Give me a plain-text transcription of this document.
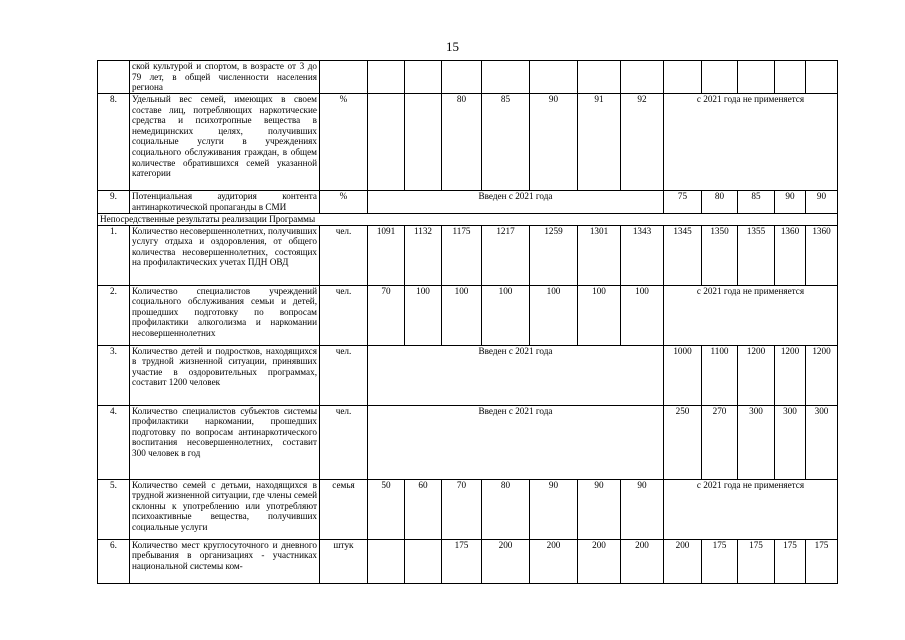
15
	ской культурой и спортом, в возрасте от 3 до 79 лет, в общей численности населения региона													
8.	Удельный вес семей, имеющих в своем составе лиц, потребляющих наркотические средства и психотропные вещества в немедицинских целях, получивших социальные услуги в учреждениях социального обслуживания граждан, в общем количестве обратившихся семей указанной категории	%			80	85	90	91	92	с 2021 года не применяется				
9.	Потенциальная аудитория контента антинаркотической пропаганды в СМИ	%	Введен с 2021 года							75	80	85	90	90
Непосредственные результаты реализации Программы														
1.	Количество несовершеннолетних, получивших услугу отдыха и оздоровления, от общего количества несовершеннолетних, состоящих на профилактических учетах ПДН ОВД	чел.	1091	1132	1175	1217	1259	1301	1343	1345	1350	1355	1360	1360
2.	Количество специалистов учреждений социального обслуживания семьи и детей, прошедших подготовку по вопросам профилактики алкоголизма и наркомании несовершеннолетних	чел.	70	100	100	100	100	100	100	с 2021 года не применяется				
3.	Количество детей и подростков, находящихся в трудной жизненной ситуации, принявших участие в оздоровительных программах, составит 1200 человек	чел.	Введен с 2021 года							1000	1100	1200	1200	1200
4.	Количество специалистов субъектов системы профилактики наркомании, прошедших подготовку по вопросам антинаркотического воспитания несовершеннолетних, составит 300 человек в год	чел.	Введен с 2021 года							250	270	300	300	300
5.	Количество семей с детьми, находящихся в трудной жизненной ситуации, где члены семей склонны к употреблению или употребляют психоактивные вещества, получивших социальные услуги	семья	50	60	70	80	90	90	90	с 2021 года не применяется				
6.	Количество мест круглосуточного и дневного пребывания в организациях - участниках национальной системы ком-	штук			175	200	200	200	200	200	175	175	175	175
